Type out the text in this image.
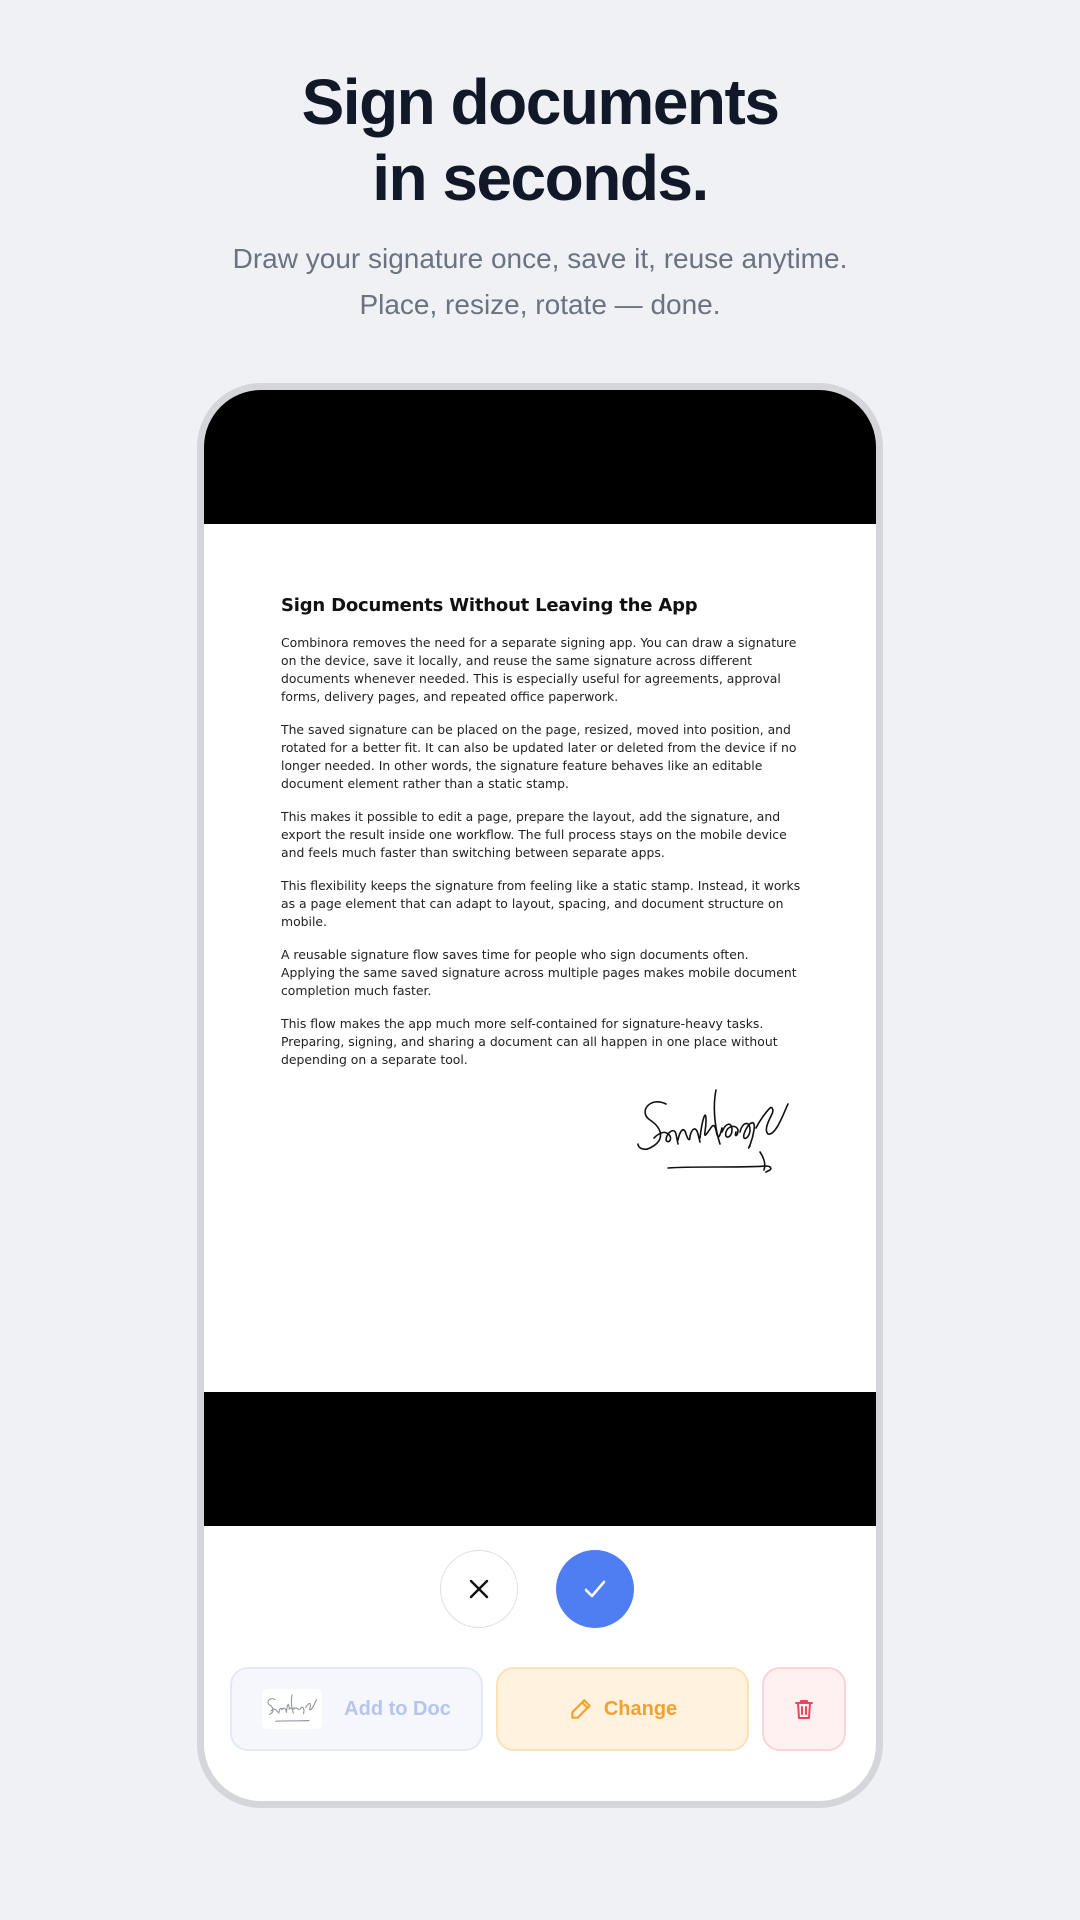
Sign documents
in seconds.
Draw your signature once, save it, reuse anytime.
Place, resize, rotate — done.

Sign Documents Without Leaving the App

Combinora removes the need for a separate signing app. You can draw a signature on the device, save it locally, and reuse the same signature across different documents whenever needed. This is especially useful for agreements, approval forms, delivery pages, and repeated office paperwork.

The saved signature can be placed on the page, resized, moved into position, and rotated for a better fit. It can also be updated later or deleted from the device if no longer needed. In other words, the signature feature behaves like an editable document element rather than a static stamp.

This makes it possible to edit a page, prepare the layout, add the signature, and export the result inside one workflow. The full process stays on the mobile device and feels much faster than switching between separate apps.

This flexibility keeps the signature from feeling like a static stamp. Instead, it works as a page element that can adapt to layout, spacing, and document structure on mobile.

A reusable signature flow saves time for people who sign documents often. Applying the same saved signature across multiple pages makes mobile document completion much faster.

This flow makes the app much more self-contained for signature-heavy tasks. Preparing, signing, and sharing a document can all happen in one place without depending on a separate tool.

Add to Doc	Change
